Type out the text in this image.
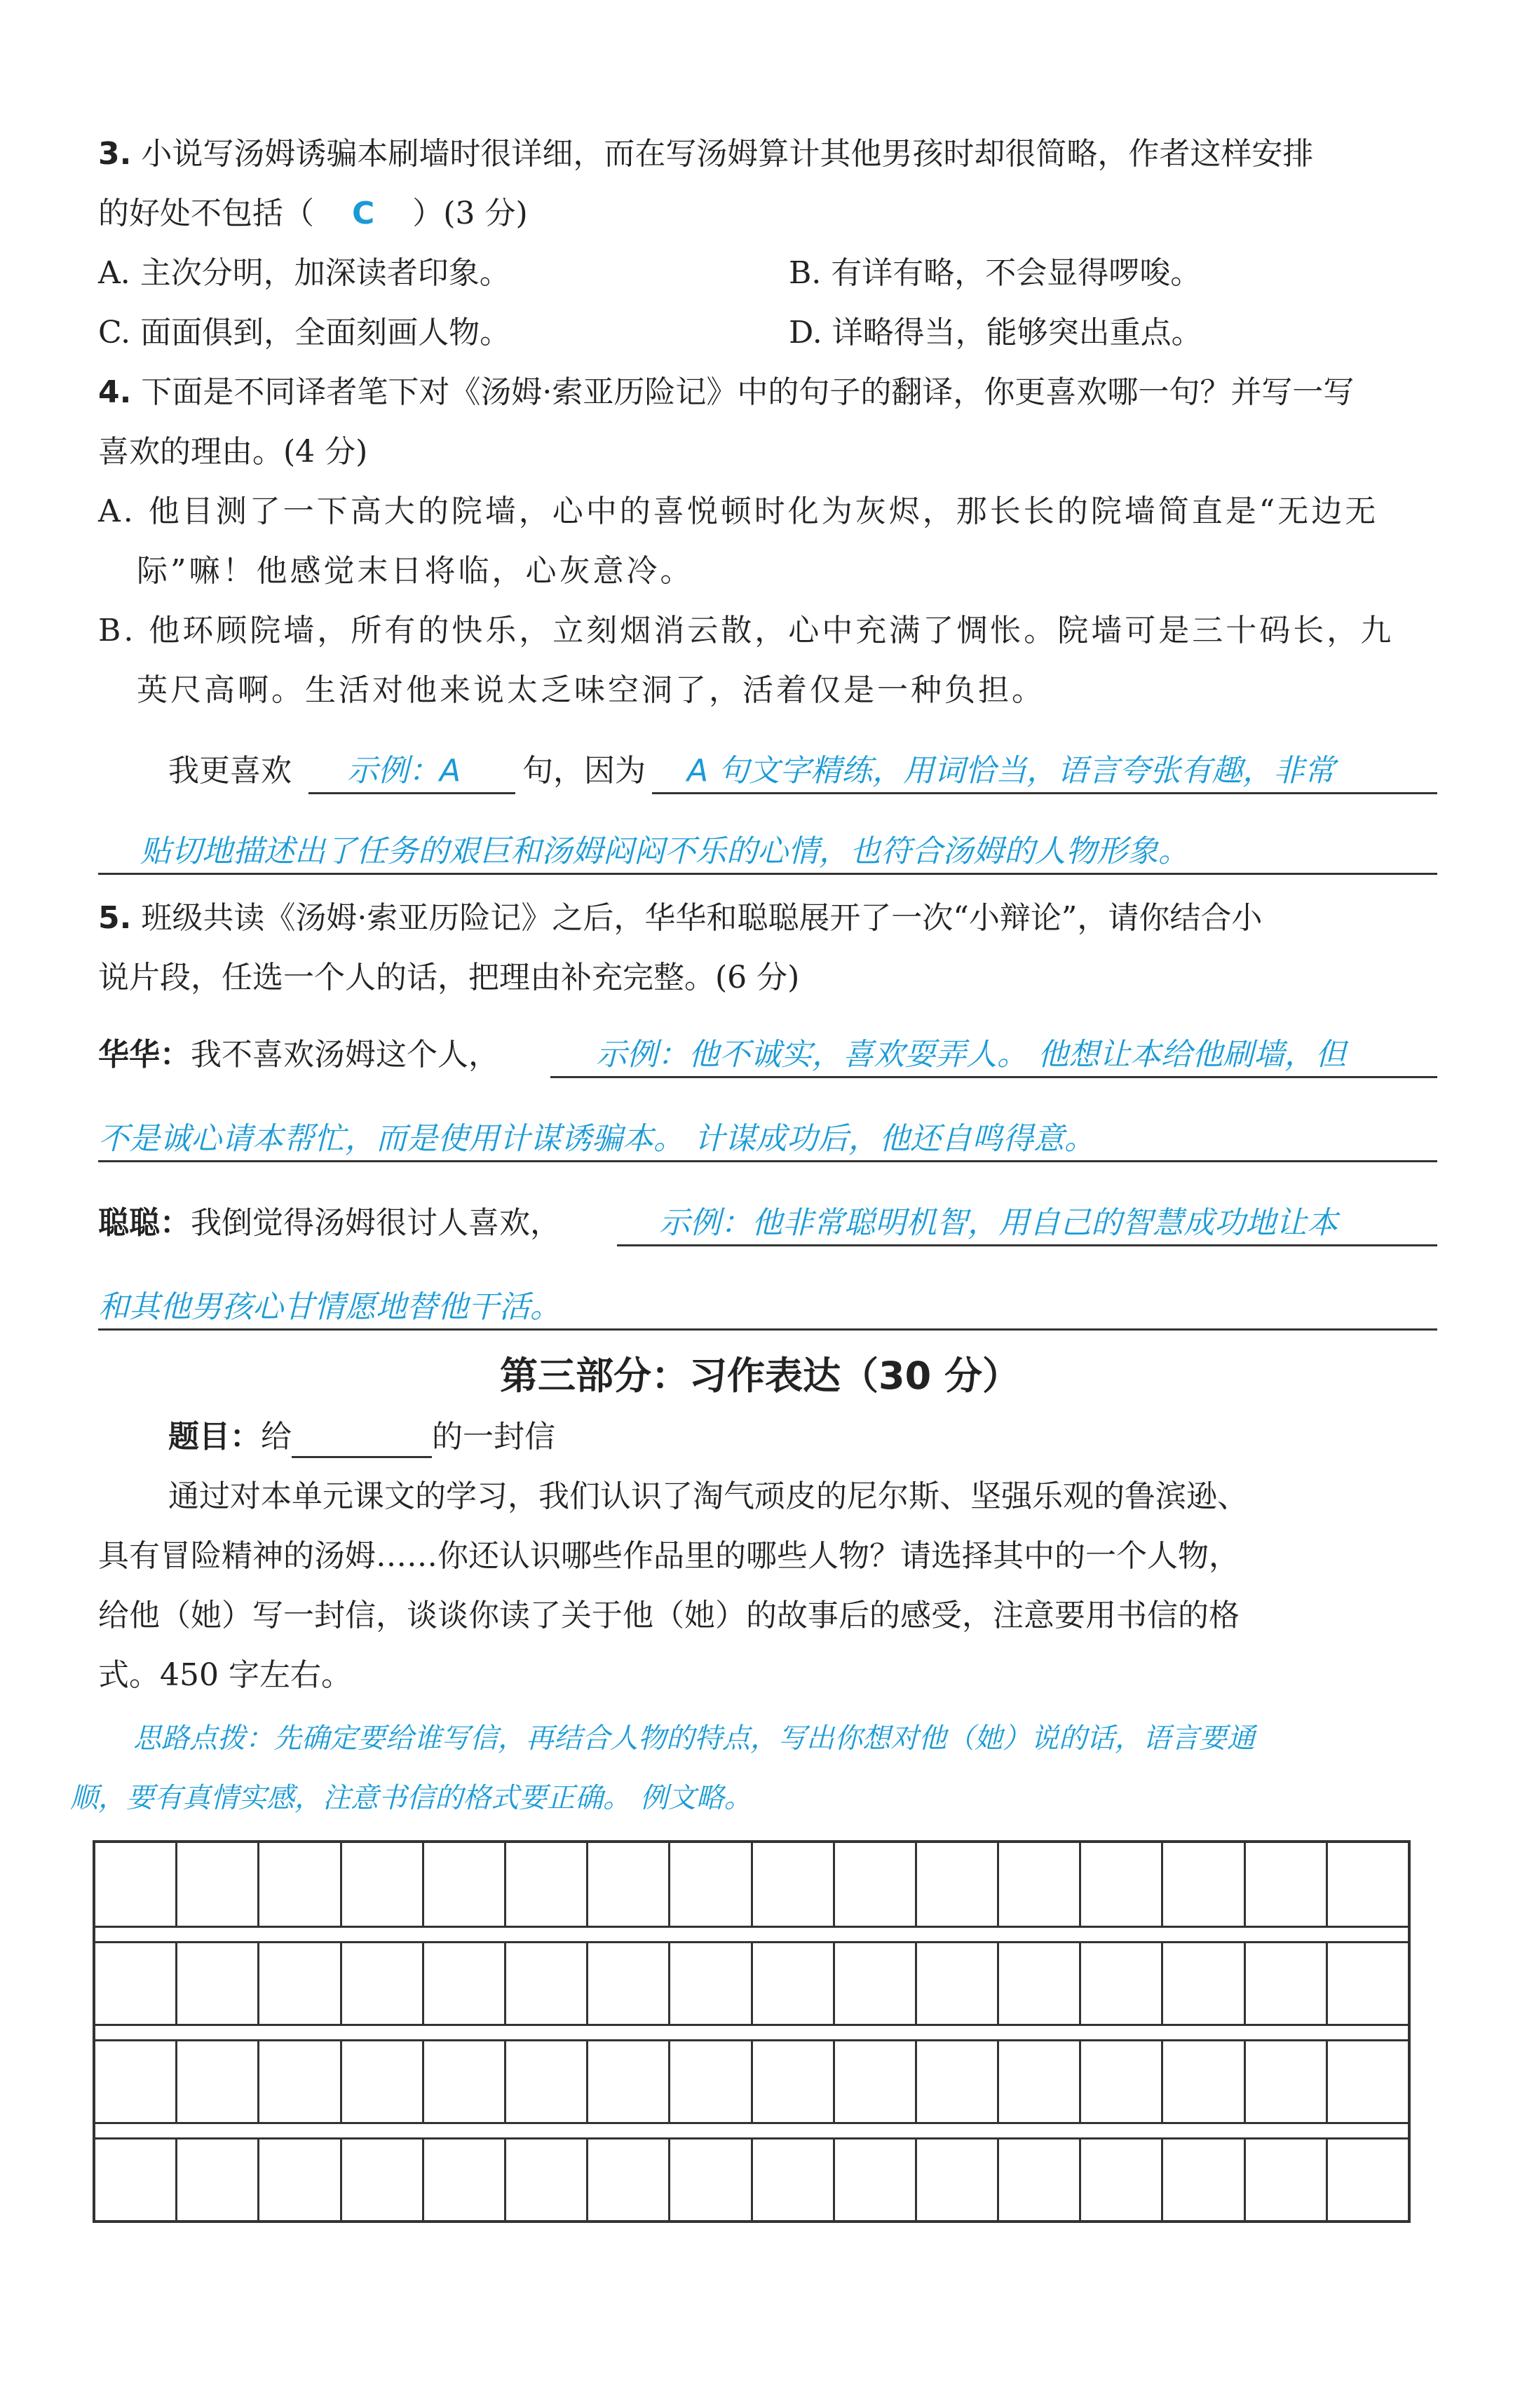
3. 小说写汤姆诱骗本刷墙时很详细，而在写汤姆算计其他男孩时却很简略，作者这样安排
的好处不包括（ C ）(3 分)
A. 主次分明，加深读者印象。	B. 有详有略，不会显得啰唆。
C. 面面俱到，全面刻画人物。	D. 详略得当，能够突出重点。
4. 下面是不同译者笔下对《汤姆·索亚历险记》中的句子的翻译，你更喜欢哪一句？并写一写
喜欢的理由。(4 分)
A. 他目测了一下高大的院墙，心中的喜悦顿时化为灰烬，那长长的院墙简直是“无边无
际”嘛！他感觉末日将临，心灰意冷。
B. 他环顾院墙，所有的快乐，立刻烟消云散，心中充满了惆怅。院墙可是三十码长，九
英尺高啊。生活对他来说太乏味空洞了，活着仅是一种负担。
我更喜欢	示例：A	句，因为	A 句文字精练，用词恰当，语言夸张有趣，非常
贴切地描述出了任务的艰巨和汤姆闷闷不乐的心情，也符合汤姆的人物形象。
5. 班级共读《汤姆·索亚历险记》之后，华华和聪聪展开了一次“小辩论”，请你结合小
说片段，任选一个人的话，把理由补充完整。(6 分)
华华：我不喜欢汤姆这个人，	示例：他不诚实，喜欢耍弄人。 他想让本给他刷墙，但
不是诚心请本帮忙，而是使用计谋诱骗本。 计谋成功后，他还自鸣得意。
聪聪：我倒觉得汤姆很讨人喜欢，	示例：他非常聪明机智，用自己的智慧成功地让本
和其他男孩心甘情愿地替他干活。
第三部分：习作表达（30 分）
题目：给	的一封信
通过对本单元课文的学习，我们认识了淘气顽皮的尼尔斯、坚强乐观的鲁滨逊、
具有冒险精神的汤姆……你还认识哪些作品里的哪些人物？请选择其中的一个人物，
给他（她）写一封信，谈谈你读了关于他（她）的故事后的感受，注意要用书信的格
式。450 字左右。
思路点拨：先确定要给谁写信，再结合人物的特点，写出你想对他（她）说的话，语言要通
顺，要有真情实感，注意书信的格式要正确。 例文略。
